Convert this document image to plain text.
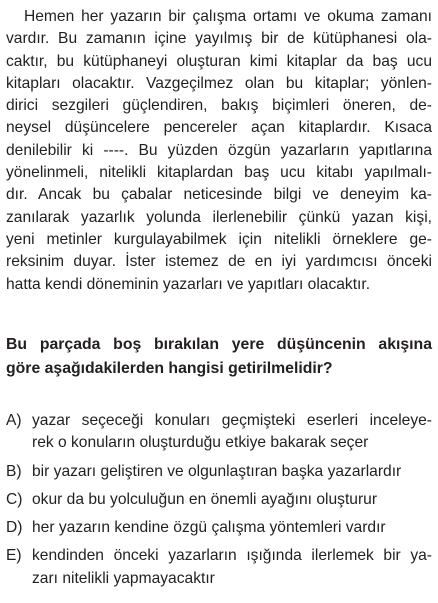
Hemen her yazarın bir çalışma ortamı ve okuma zamanı
vardır. Bu zamanın içine yayılmış bir de kütüphanesi ola-
caktır, bu kütüphaneyi oluşturan kimi kitaplar da baş ucu
kitapları olacaktır. Vazgeçilmez olan bu kitaplar; yönlen-
dirici sezgileri güçlendiren, bakış biçimleri öneren, de-
neysel düşüncelere pencereler açan kitaplardır. Kısaca
denilebilir ki ----. Bu yüzden özgün yazarların yapıtlarına
yönelinmeli, nitelikli kitaplardan baş ucu kitabı yapılmalı-
dır. Ancak bu çabalar neticesinde bilgi ve deneyim ka-
zanılarak yazarlık yolunda ilerlenebilir çünkü yazan kişi,
yeni metinler kurgulayabilmek için nitelikli örneklere ge-
reksinim duyar. İster istemez de en iyi yardımcısı önceki
hatta kendi döneminin yazarları ve yapıtları olacaktır.
Bu parçada boş bırakılan yere düşüncenin akışına
göre aşağıdakilerden hangisi getirilmelidir?
A) yazar seçeceği konuları geçmişteki eserleri inceleye-
rek o konuların oluşturduğu etkiye bakarak seçer
B) bir yazarı geliştiren ve olgunlaştıran başka yazarlardır
C) okur da bu yolculuğun en önemli ayağını oluşturur
D) her yazarın kendine özgü çalışma yöntemleri vardır
E) kendinden önceki yazarların ışığında ilerlemek bir ya-
zarı nitelikli yapmayacaktır
